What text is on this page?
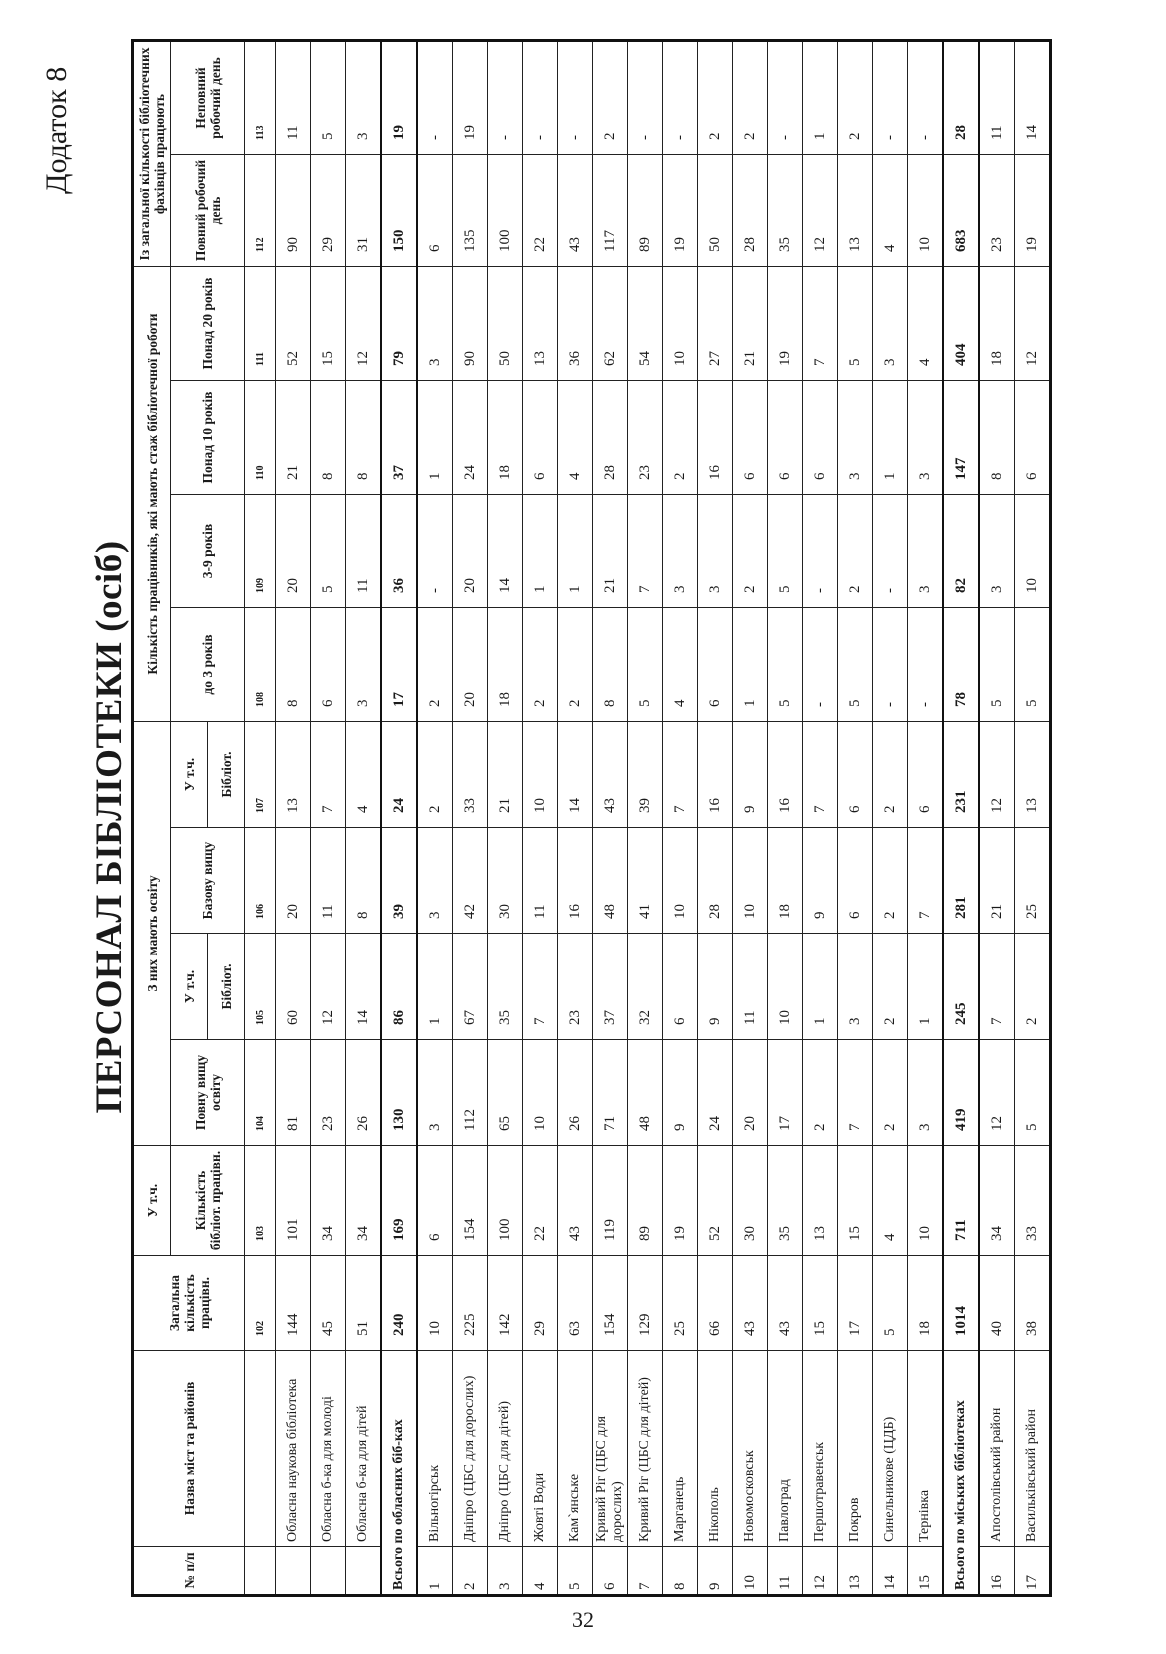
Додаток 8
ПЕРСОНАЛ БІБЛІОТЕКИ (осіб)
№ п/п	Назва міст та районів	Загальна кількість працівн.	У т.ч.	З них мають освіту				Кількість працівників, які мають стаж бібліотечної роботи				Із загальної кількості бібліотечних фахівців працюють	
			Кількість бібліот. працівн.	Повну вищу освіту	У т.ч.	Базову вищу	У т.ч.	до 3 років	3-9 років	Понад 10 років	Понад 20 років	Повний робочий день	Неповний робочий день
					Бібліот.		Бібліот.						
		102	103	104	105	106	107	108	109	110	111	112	113
	Обласна наукова бібліотека	144	101	81	60	20	13	8	20	21	52	90	11
	Обласна б-ка для молоді	45	34	23	12	11	7	6	5	8	15	29	5
	Обласна б-ка для дітей	51	34	26	14	8	4	3	11	8	12	31	3
Всього по обласних біб-ках		240	169	130	86	39	24	17	36	37	79	150	19
1	Вільногірськ	10	6	3	1	3	2	2	-	1	3	6	-
2	Дніпро (ЦБС для дорослих)	225	154	112	67	42	33	20	20	24	90	135	19
3	Дніпро (ЦБС для дітей)	142	100	65	35	30	21	18	14	18	50	100	-
4	Жовті Води	29	22	10	7	11	10	2	1	6	13	22	-
5	Кам`янське	63	43	26	23	16	14	2	1	4	36	43	-
6	Кривий Ріг (ЦБС для дорослих)	154	119	71	37	48	43	8	21	28	62	117	2
7	Кривий Ріг (ЦБС для дітей)	129	89	48	32	41	39	5	7	23	54	89	-
8	Марганець	25	19	9	6	10	7	4	3	2	10	19	-
9	Нікополь	66	52	24	9	28	16	6	3	16	27	50	2
10	Новомосковськ	43	30	20	11	10	9	1	2	6	21	28	2
11	Павлоград	43	35	17	10	18	16	5	5	6	19	35	-
12	Першотравенськ	15	13	2	1	9	7	-	-	6	7	12	1
13	Покров	17	15	7	3	6	6	5	2	3	5	13	2
14	Синельникове (ЦДБ)	5	4	2	2	2	2	-	-	1	3	4	-
15	Тернівка	18	10	3	1	7	6	-	3	3	4	10	-
Всього по міських бібліотеках		1014	711	419	245	281	231	78	82	147	404	683	28
16	Апостолівський район	40	34	12	7	21	12	5	3	8	18	23	11
17	Васильківський район	38	33	5	2	25	13	5	10	6	12	19	14
32
